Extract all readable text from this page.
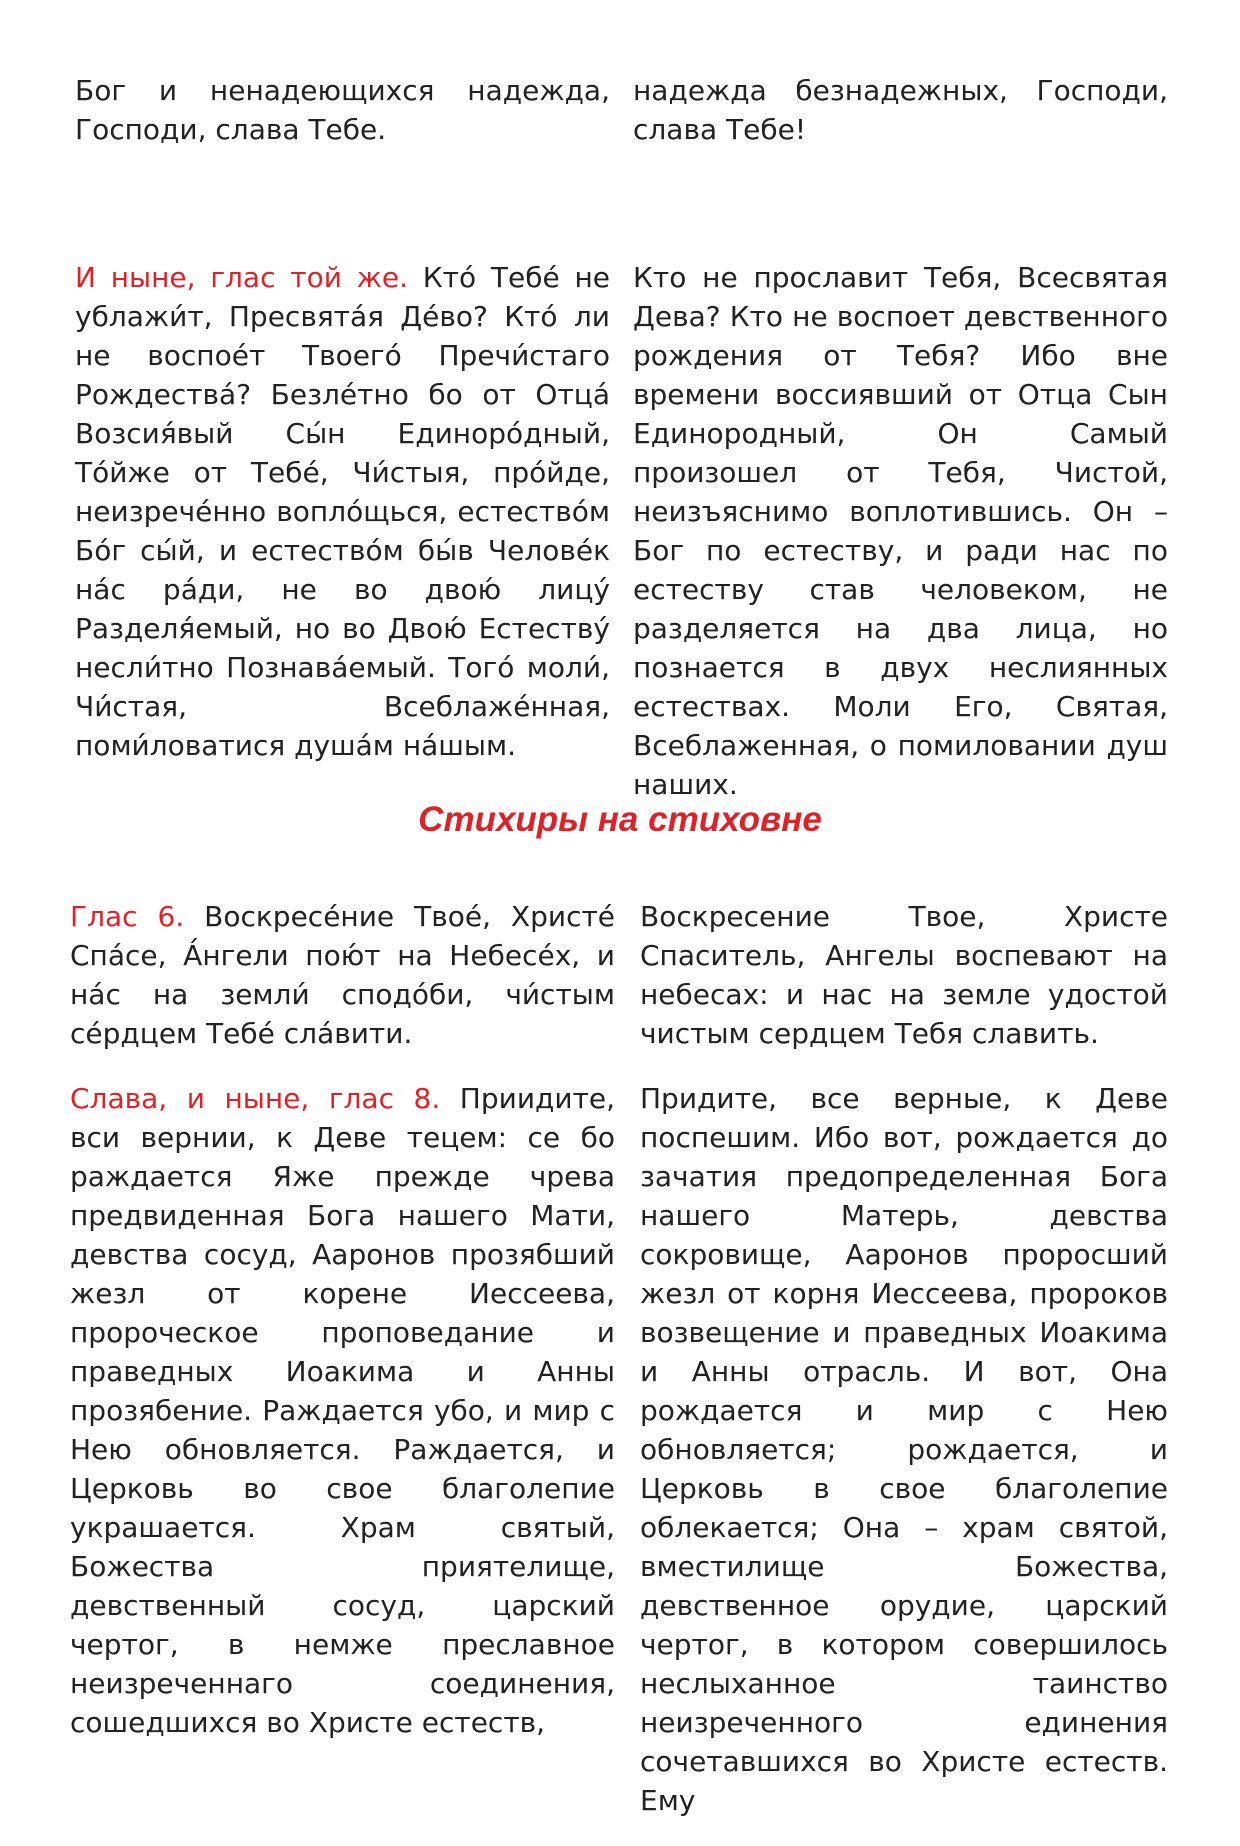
Бог и ненадеющихся надежда, Господи, слава Тебе.
надежда безнадежных, Господи, слава Тебе!
И ныне, глас той же. Кто́ Тебе́ не ублажи́т, Пресвята́я Де́во? Кто́ ли не воспое́т Твоего́ Пречи́стаго Рождества́? Безле́тно бо от Отца́ Возсия́вый Сы́н Единоро́дный, То́йже от Тебе́, Чи́стыя, про́йде, неизрече́нно вопло́щься, естество́м Бо́г сы́й, и естество́м бы́в Челове́к на́с ра́ди, не во двою́ лицу́ Разделя́емый, но во Двою́ Естеству́ несли́тно Познава́емый. Того́ моли́, Чи́стая, Всеблаже́нная, поми́ловатися душа́м на́шым.
Кто не прославит Тебя, Всесвятая Дева? Кто не воспоет девственного рождения от Тебя? Ибо вне времени воссиявший от Отца Сын Единородный, Он Самый произошел от Тебя, Чистой, неизъяснимо воплотившись. Он – Бог по естеству, и ради нас по естеству став человеком, не разделяется на два лица, но познается в двух неслиянных естествах. Моли Его, Святая, Всеблаженная, о помиловании душ наших.
Стихиры на стиховне

Глас 6. Воскресе́ние Твое́, Христе́ Спа́се, А́нгели пою́т на Небесе́х, и на́с на земли́ сподо́би, чи́стым се́рдцем Тебе́ сла́вити.

Слава, и ныне, глас 8. Приидите, вси вернии, к Деве тецем: се бо раждается Яже прежде чрева предвиденная Бога нашего Мати, девства сосуд, Ааронов прозябший жезл от корене Иессеева, пророческое проповедание и праведных Иоакима и Анны прозябение. Раждается убо, и мир с Нею обновляется. Раждается, и Церковь во свое благолепие украшается. Храм святый, Божества приятелище, девственный сосуд, царский чертог, в немже преславное неизреченнаго соединения, сошедшихся во Христе естеств,

Воскресение Твое, Христе Спаситель, Ангелы воспевают на небесах: и нас на земле удостой чистым сердцем Тебя славить.

Придите, все верные, к Деве поспешим. Ибо вот, рождается до зачатия предопределенная Бога нашего Матерь, девства сокровище, Ааронов проросший жезл от корня Иессеева, пророков возвещение и праведных Иоакима и Анны отрасль. И вот, Она рождается и мир с Нею обновляется; рождается, и Церковь в свое благолепие облекается; Она – храм святой, вместилище Божества, девственное орудие, царский чертог, в котором совершилось неслыханное таинство неизреченного единения сочетавшихся во Христе естеств. Ему
